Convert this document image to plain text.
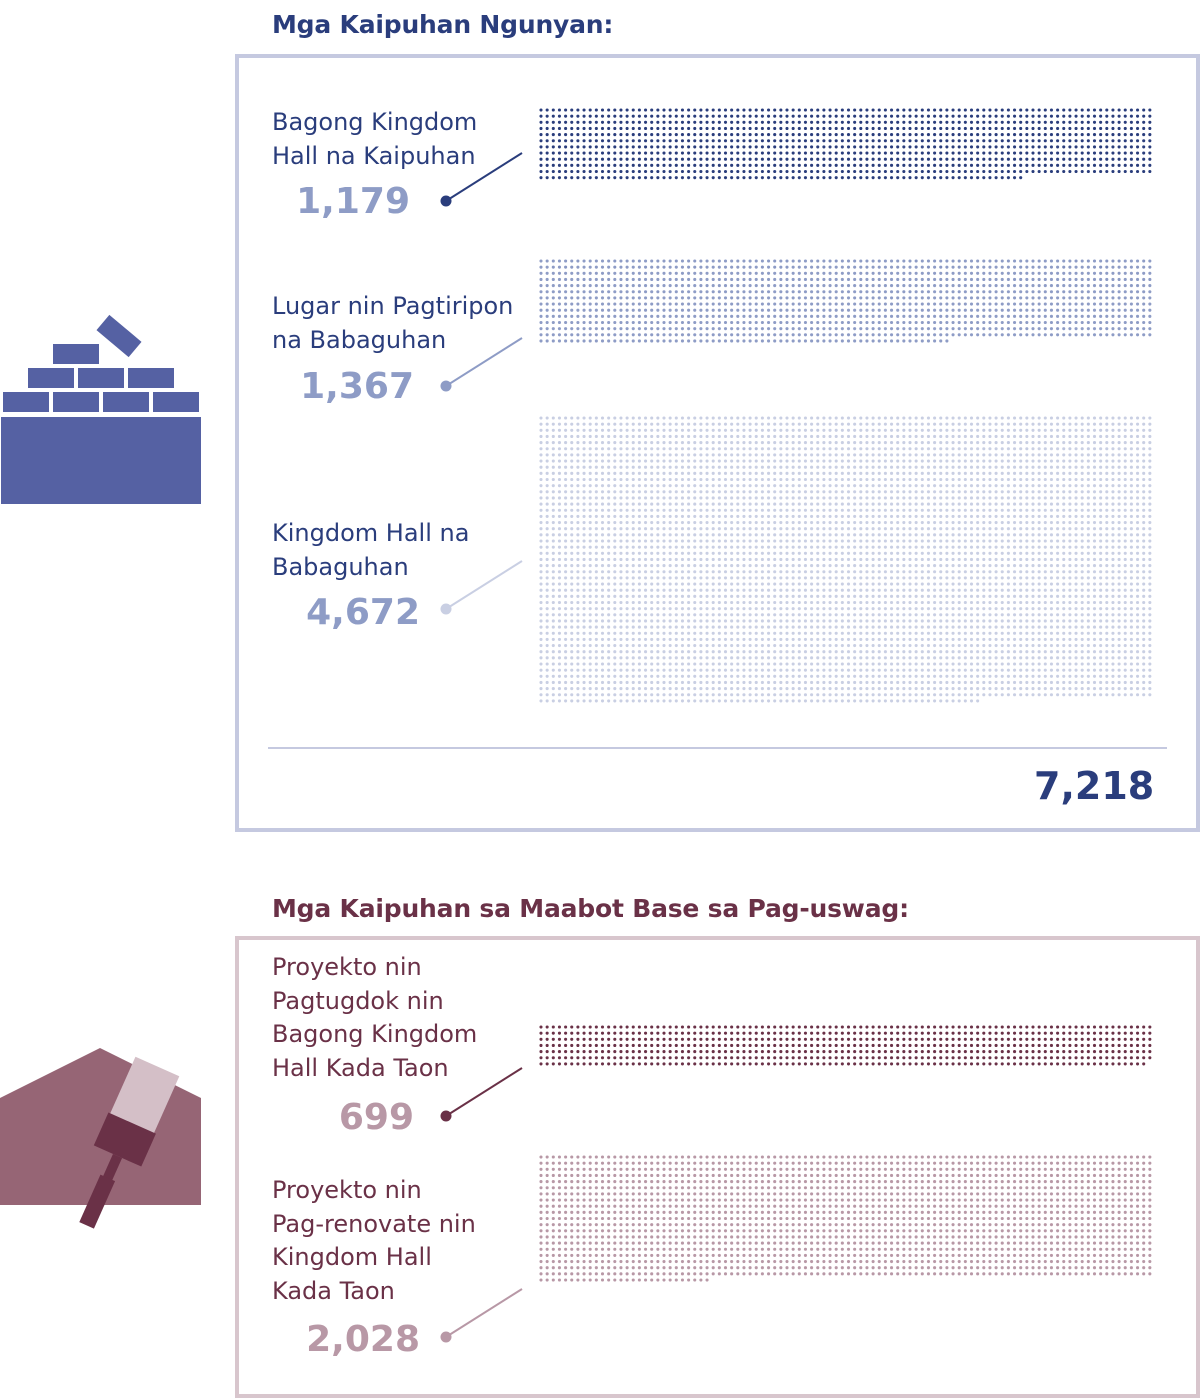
Mga Kaipuhan Ngunyan:
Bagong Kingdom
Hall na Kaipuhan
1,179
Lugar nin Pagtiripon
na Babaguhan
1,367
Kingdom Hall na
Babaguhan
4,672
7,218
Mga Kaipuhan sa Maabot Base sa Pag-uswag:
Proyekto nin
Pagtugdok nin
Bagong Kingdom
Hall Kada Taon
699
Proyekto nin
Pag-renovate nin
Kingdom Hall
Kada Taon
2,028
